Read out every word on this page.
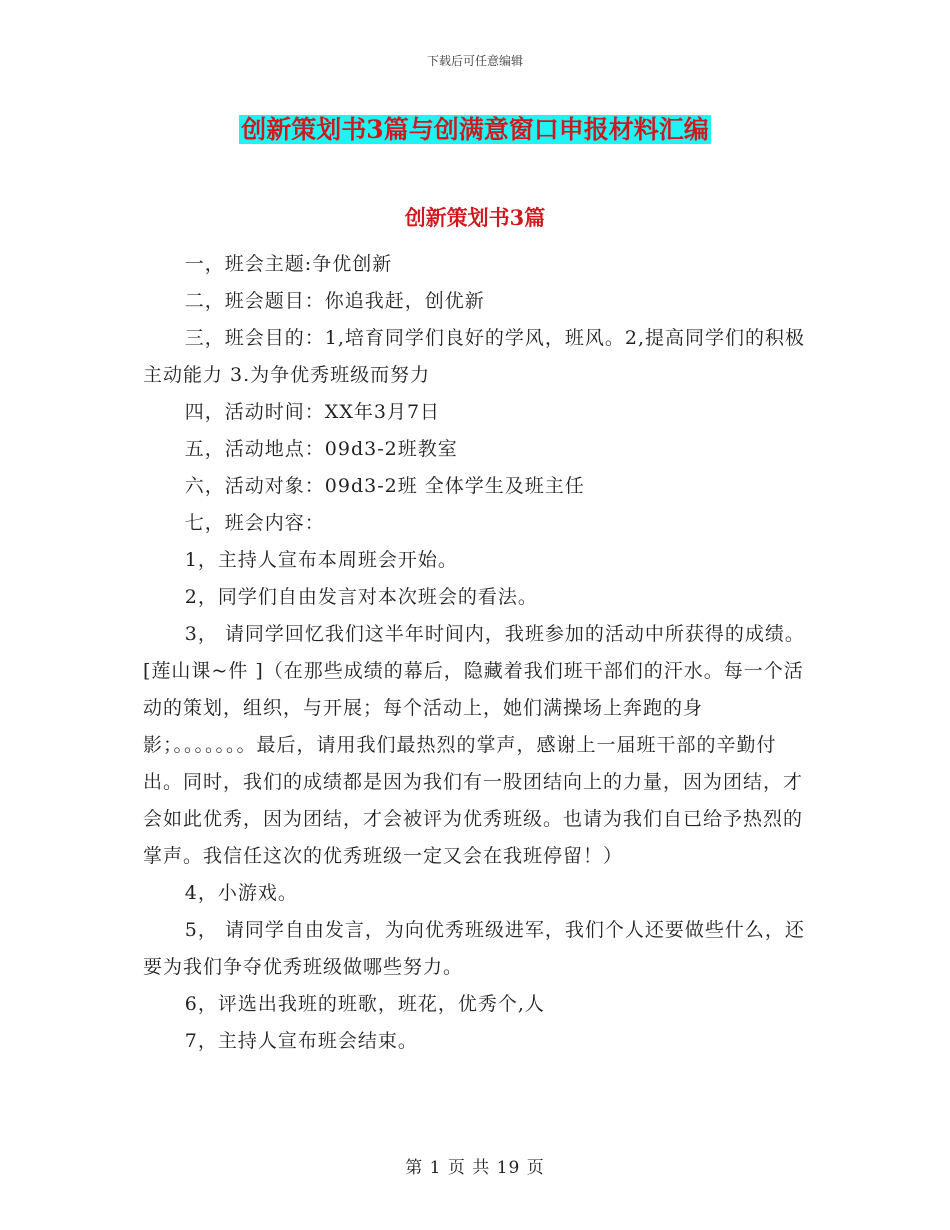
下载后可任意编辑
创新策划书3篇与创满意窗口申报材料汇编
创新策划书3篇

一，班会主题:争优创新

二，班会题目：你追我赶，创优新

三，班会目的：1,培育同学们良好的学风，班风。2,提高同学们的积极主动能力 3.为争优秀班级而努力

四，活动时间：XX年3月7日

五，活动地点：09d3-2班教室

六，活动对象：09d3-2班 全体学生及班主任

七，班会内容：

1，主持人宣布本周班会开始。

2，同学们自由发言对本次班会的看法。

3， 请同学回忆我们这半年时间内，我班参加的活动中所获得的成绩。[莲山课~件 ]（在那些成绩的幕后，隐藏着我们班干部们的汗水。每一个活动的策划，组织，与开展；每个活动上，她们满操场上奔跑的身影；。。。。。。。最后，请用我们最热烈的掌声，感谢上一届班干部的辛勤付出。同时，我们的成绩都是因为我们有一股团结向上的力量，因为团结，才会如此优秀，因为团结，才会被评为优秀班级。也请为我们自已给予热烈的掌声。我信任这次的优秀班级一定又会在我班停留！）

4，小游戏。

5， 请同学自由发言，为向优秀班级进军，我们个人还要做些什么，还要为我们争夺优秀班级做哪些努力。

6，评选出我班的班歌，班花，优秀个,人

7，主持人宣布班会结束。

第 1 页 共 19 页
